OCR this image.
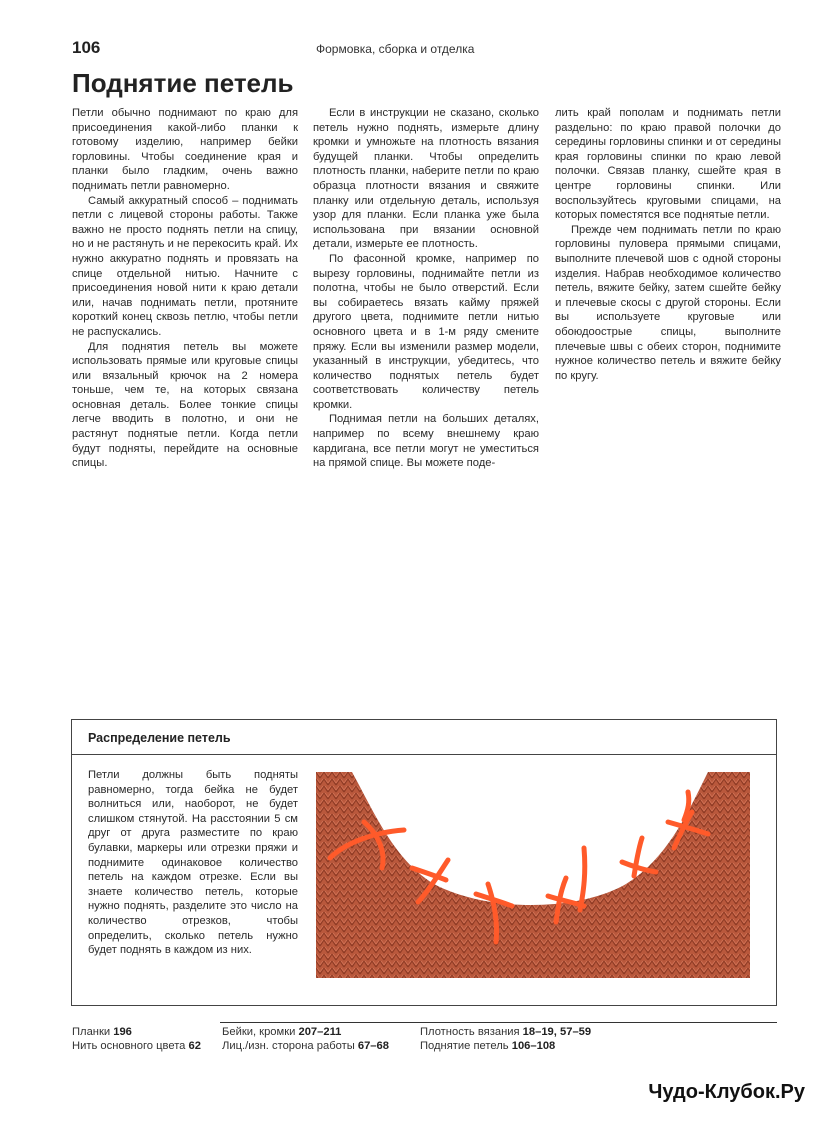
106	Формовка, сборка и отделка
Поднятие петель

Петли обычно поднимают по краю для присоединения какой-либо планки к готовому изделию, например бейки горловины. Чтобы соединение края и планки было гладким, очень важно поднимать петли равномерно.

Самый аккуратный способ – поднимать петли с лицевой стороны работы. Также важно не просто поднять петли на спицу, но и не растянуть и не перекосить край. Их нужно аккуратно поднять и провязать на спице отдельной нитью. Начните с присоединения новой нити к краю детали или, начав поднимать петли, протяните короткий конец сквозь петлю, чтобы петли не распускались.

Для поднятия петель вы можете использовать прямые или круговые спицы или вязальный крючок на 2 номера тоньше, чем те, на которых связана основная деталь. Более тонкие спицы легче вводить в полотно, и они не растянут поднятые петли. Когда петли будут подняты, перейдите на основные спицы.

Если в инструкции не сказано, сколько петель нужно поднять, измерьте длину кромки и умножьте на плотность вязания будущей планки. Чтобы определить плотность планки, наберите петли по краю образца плотности вязания и свяжите планку или отдельную деталь, используя узор для планки. Если планка уже была использована при вязании основной детали, измерьте ее плотность.

По фасонной кромке, например по вырезу горловины, поднимайте петли из полотна, чтобы не было отверстий. Если вы собираетесь вязать кайму пряжей другого цвета, поднимите петли нитью основного цвета и в 1-м ряду смените пряжу. Если вы изменили размер модели, указанный в инструкции, убедитесь, что количество поднятых петель будет соответствовать количеству петель кромки.

Поднимая петли на больших деталях, например по всему внешнему краю кардигана, все петли могут не уместиться на прямой спице. Вы можете поде-

лить край пополам и поднимать петли раздельно: по краю правой полочки до середины горловины спинки и от середины края горловины спинки по краю левой полочки. Связав планку, сшейте края в центре горловины спинки. Или воспользуйтесь круговыми спицами, на которых поместятся все поднятые петли.

Прежде чем поднимать петли по краю горловины пуловера прямыми спицами, выполните плечевой шов с одной стороны изделия. Набрав необходимое количество петель, вяжите бейку, затем сшейте бейку и плечевые скосы с другой стороны. Если вы используете круговые или обоюдоострые спицы, выполните плечевые швы с обеих сторон, поднимите нужное количество петель и вяжите бейку по кругу.

Распределение петель

Петли должны быть подняты равномерно, тогда бейка не будет волниться или, наоборот, не будет слишком стянутой. На расстоянии 5 см друг от друга разместите по краю булавки, маркеры или отрезки пряжи и поднимите одинаковое количество петель на каждом отрезке. Если вы знаете количество петель, которые нужно поднять, разделите это число на количество отрезков, чтобы определить, сколько петель нужно будет поднять в каждом из них.

Планки 196
Нить основного цвета 62
Бейки, кромки 207–211
Лиц./изн. сторона работы 67–68
Плотность вязания 18–19, 57–59
Поднятие петель 106–108
Чудо-Клубок.Ру
